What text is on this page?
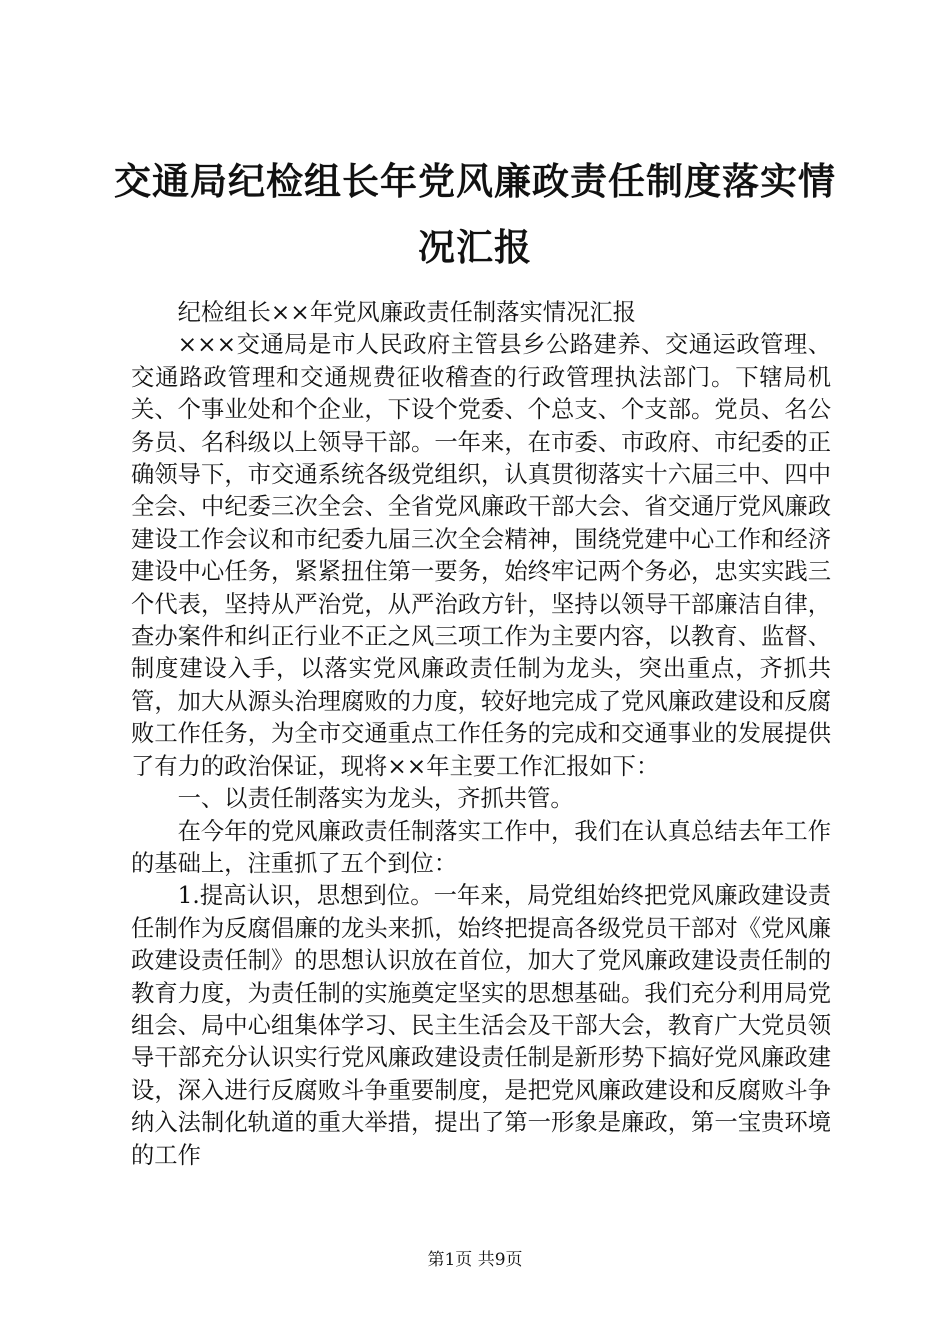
交通局纪检组长年党风廉政责任制度落实情况汇报

纪检组长××年党风廉政责任制落实情况汇报

×××交通局是市人民政府主管县乡公路建养、交通运政管理、交通路政管理和交通规费征收稽查的行政管理执法部门。下辖局机关、个事业处和个企业，下设个党委、个总支、个支部。党员、名公务员、名科级以上领导干部。一年来，在市委、市政府、市纪委的正确领导下，市交通系统各级党组织，认真贯彻落实十六届三中、四中全会、中纪委三次全会、全省党风廉政干部大会、省交通厅党风廉政建设工作会议和市纪委九届三次全会精神，围绕党建中心工作和经济建设中心任务，紧紧扭住第一要务，始终牢记两个务必，忠实实践三个代表，坚持从严治党，从严治政方针，坚持以领导干部廉洁自律，查办案件和纠正行业不正之风三项工作为主要内容，以教育、监督、制度建设入手，以落实党风廉政责任制为龙头，突出重点，齐抓共管，加大从源头治理腐败的力度，较好地完成了党风廉政建设和反腐败工作任务，为全市交通重点工作任务的完成和交通事业的发展提供了有力的政治保证，现将××年主要工作汇报如下：

一、以责任制落实为龙头，齐抓共管。

在今年的党风廉政责任制落实工作中，我们在认真总结去年工作的基础上，注重抓了五个到位：

1.提高认识，思想到位。一年来，局党组始终把党风廉政建设责任制作为反腐倡廉的龙头来抓，始终把提高各级党员干部对《党风廉政建设责任制》的思想认识放在首位，加大了党风廉政建设责任制的教育力度，为责任制的实施奠定坚实的思想基础。我们充分利用局党组会、局中心组集体学习、民主生活会及干部大会，教育广大党员领导干部充分认识实行党风廉政建设责任制是新形势下搞好党风廉政建设，深入进行反腐败斗争重要制度，是把党风廉政建设和反腐败斗争纳入法制化轨道的重大举措，提出了第一形象是廉政，第一宝贵环境的工作

第1页 共9页
